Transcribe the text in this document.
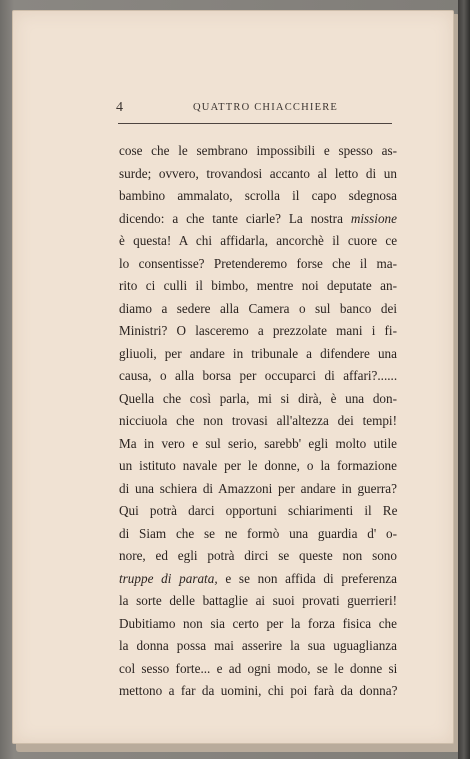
4	QUATTRO CHIACCHIERE
cose che le sembrano impossibili e spesso as-
surde; ovvero, trovandosi accanto al letto di un
bambino ammalato, scrolla il capo sdegnosa
dicendo: a che tante ciarle? La nostra missione
è questa! A chi affidarla, ancorchè il cuore ce
lo consentisse? Pretenderemo forse che il ma-
rito ci culli il bimbo, mentre noi deputate an-
diamo a sedere alla Camera o sul banco dei
Ministri? O lasceremo a prezzolate mani i fi-
gliuoli, per andare in tribunale a difendere una
causa, o alla borsa per occuparci di affari?......
Quella che così parla, mi si dirà, è una don-
nicciuola che non trovasi all'altezza dei tempi!
Ma in vero e sul serio, sarebb' egli molto utile
un istituto navale per le donne, o la formazione
di una schiera di Amazzoni per andare in guerra?
Qui potrà darci opportuni schiarimenti il Re
di Siam che se ne formò una guardia d' o-
nore, ed egli potrà dirci se queste non sono
truppe di parata, e se non affida di preferenza
la sorte delle battaglie ai suoi provati guerrieri!
Dubitiamo non sia certo per la forza fisica che
la donna possa mai asserire la sua uguaglianza
col sesso forte... e ad ogni modo, se le donne si
mettono a far da uomini, chi poi farà da donna?
